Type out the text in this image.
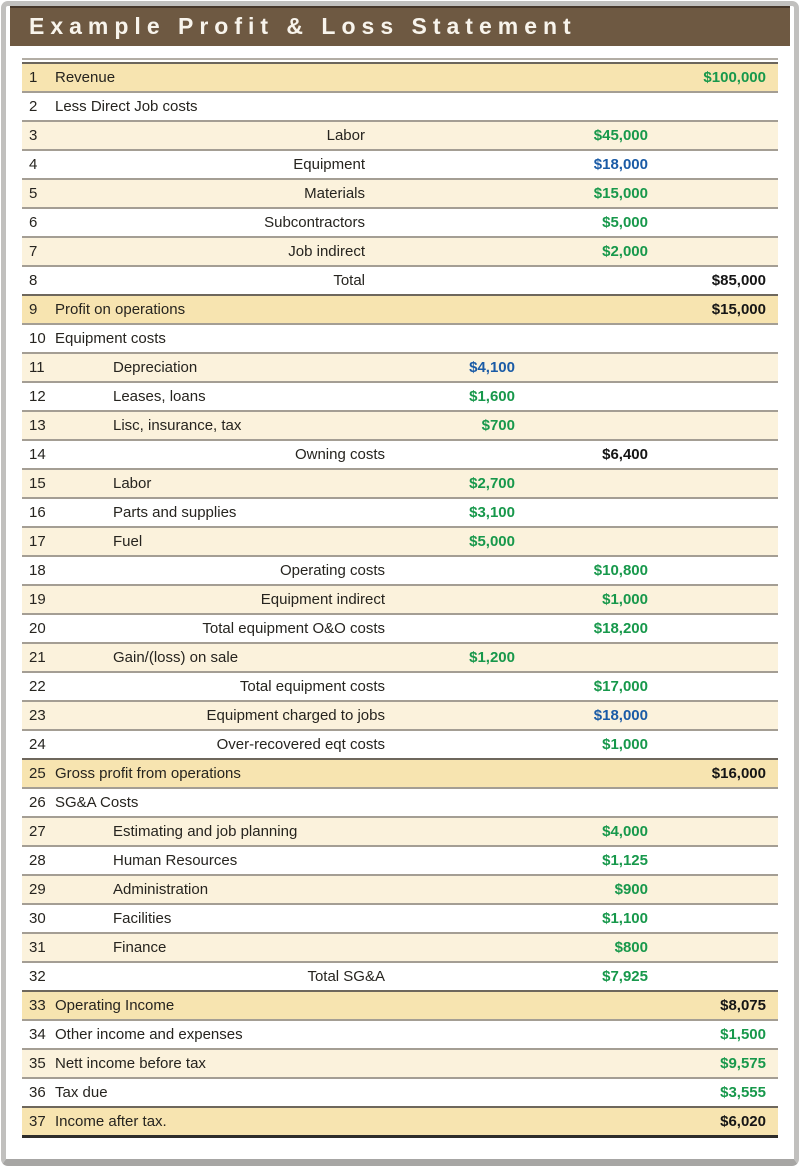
Example Profit & Loss Statement
1 Revenue	$100,000
2 Less Direct Job costs
3	Labor	$45,000
4	Equipment	$18,000
5	Materials	$15,000
6	Subcontractors	$5,000
7	Job indirect	$2,000
8	Total	$85,000
9 Profit on operations	$15,000
10 Equipment costs
11	Depreciation	$4,100
12	Leases, loans	$1,600
13	Lisc, insurance, tax	$700
14	Owning costs	$6,400
15	Labor	$2,700
16	Parts and supplies	$3,100
17	Fuel	$5,000
18	Operating costs	$10,800
19	Equipment indirect	$1,000
20	Total equipment O&O costs	$18,200
21	Gain/(loss) on sale	$1,200
22	Total equipment costs	$17,000
23	Equipment charged to jobs	$18,000
24	Over-recovered eqt costs	$1,000
25 Gross profit from operations	$16,000
26 SG&A Costs
27	Estimating and job planning	$4,000
28	Human Resources	$1,125
29	Administration	$900
30	Facilities	$1,100
31	Finance	$800
32	Total SG&A	$7,925
33 Operating Income	$8,075
34 Other income and expenses	$1,500
35 Nett income before tax	$9,575
36 Tax due	$3,555
37 Income after tax.	$6,020
